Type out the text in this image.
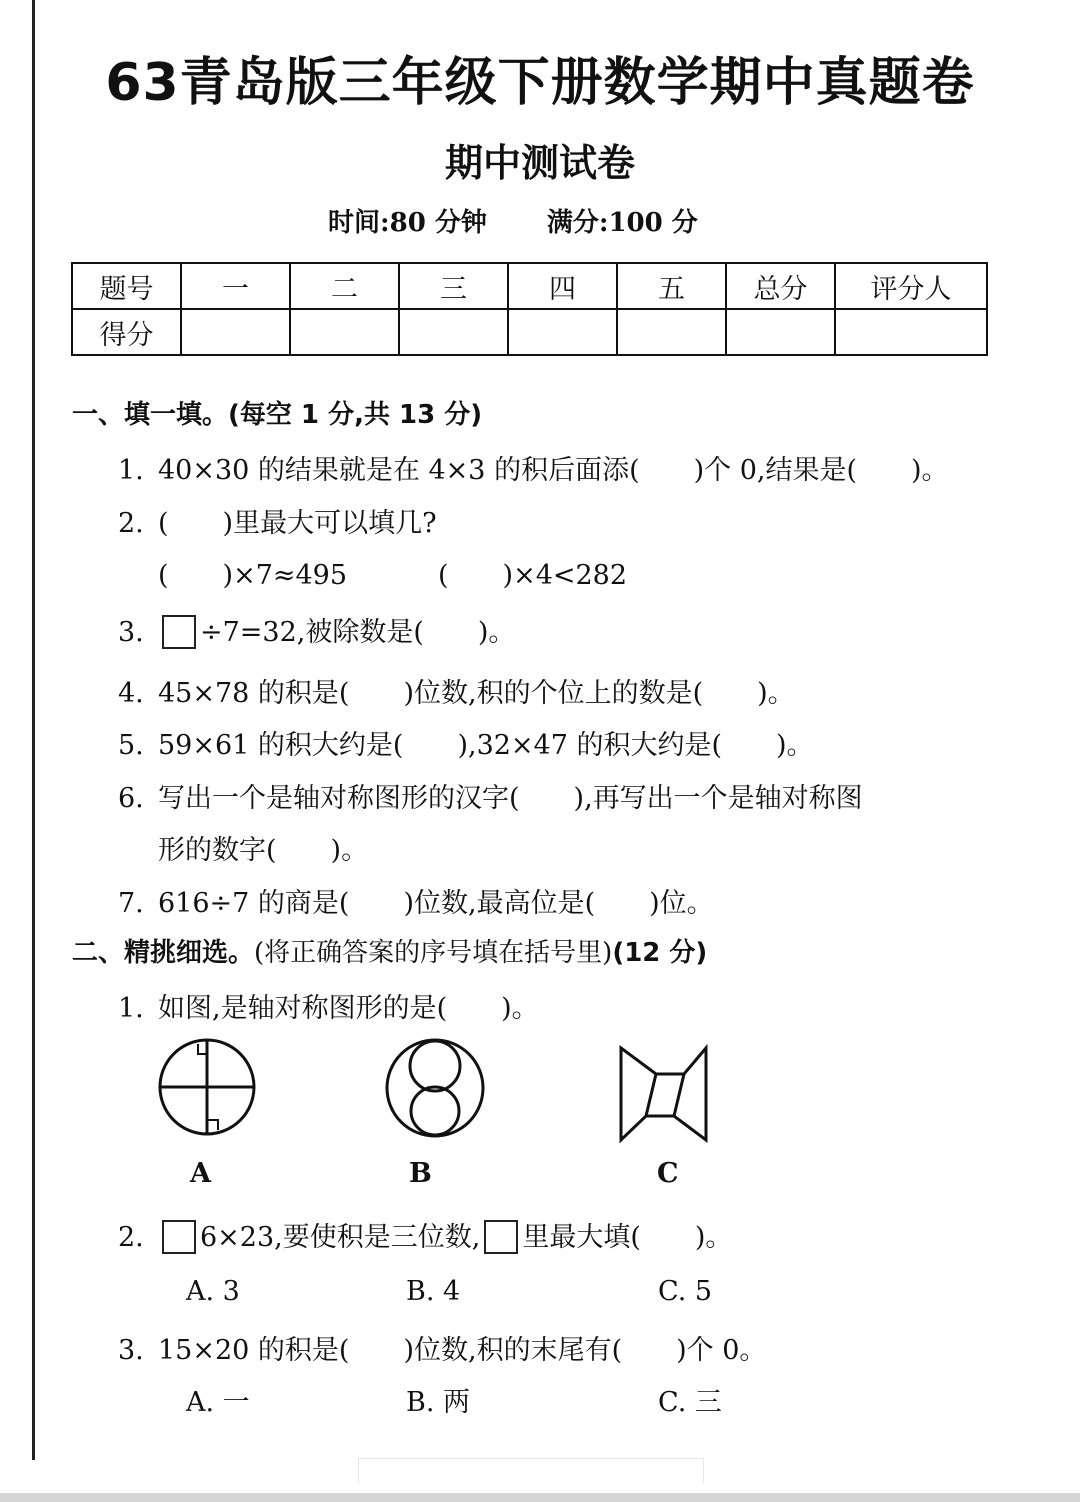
63青岛版三年级下册数学期中真题卷
期中测试卷
时间:80 分钟 满分:100 分
题号	一	二	三	四	五	总分	评分人
得分							
一、填一填。(每空 1 分,共 13 分)
1. 40×30 的结果就是在 4×3 的积后面添(　　)个 0,结果是(　　)。
2. (　　)里最大可以填几?
(　　)×7≈495	(　　)×4<282
3. ÷7=32,被除数是(　　)。
4. 45×78 的积是(　　)位数,积的个位上的数是(　　)。
5. 59×61 的积大约是(　　),32×47 的积大约是(　　)。
6. 写出一个是轴对称图形的汉字(　　),再写出一个是轴对称图
形的数字(　　)。
7. 616÷7 的商是(　　)位数,最高位是(　　)位。
二、精挑细选。(将正确答案的序号填在括号里)(12 分)
1. 如图,是轴对称图形的是(　　)。
A	B	C
2. 6×23,要使积是三位数, 里最大填(　　)。
A. 3	B. 4	C. 5
3. 15×20 的积是(　　)位数,积的末尾有(　　)个 0。
A. 一	B. 两	C. 三
